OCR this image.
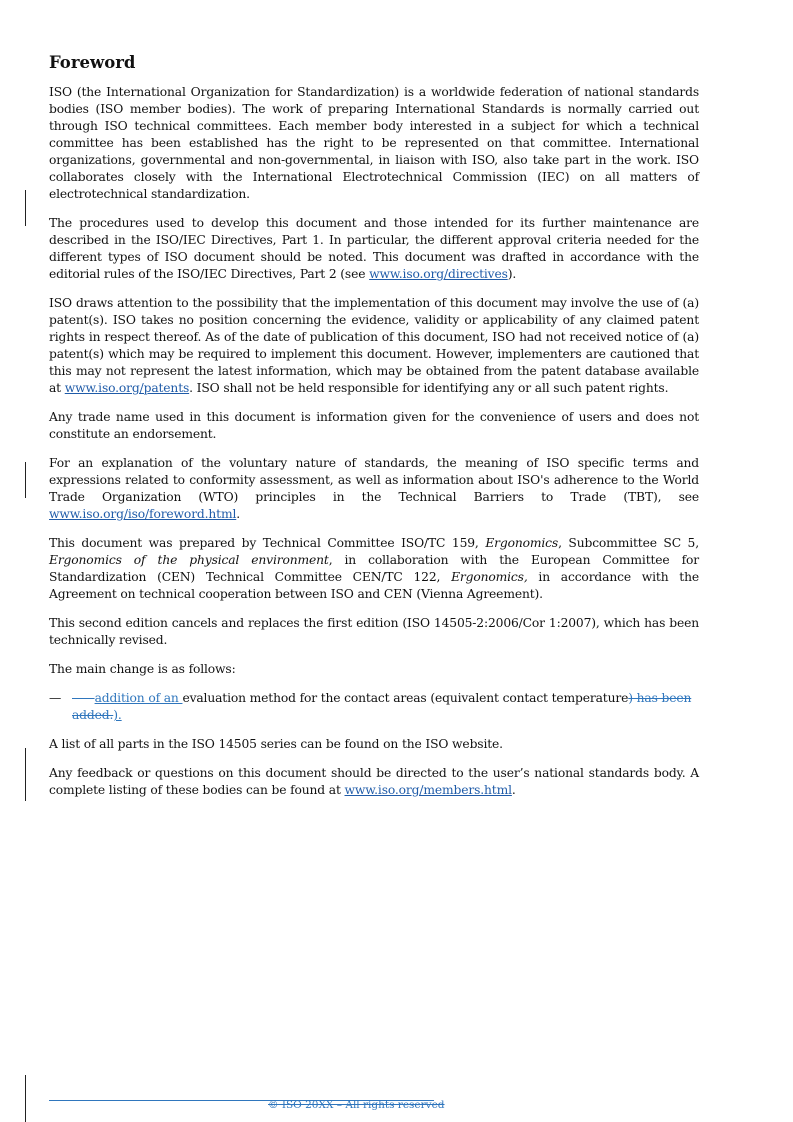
Foreword

ISO (the International Organization for Standardization) is a worldwide federation of national standards bodies (ISO member bodies). The work of preparing International Standards is normally carried out through ISO technical committees. Each member body interested in a subject for which a technical committee has been established has the right to be represented on that committee. International organizations, governmental and non-governmental, in liaison with ISO, also take part in the work. ISO collaborates closely with the International Electrotechnical Commission (IEC) on all matters of electrotechnical standardization.

The procedures used to develop this document and those intended for its further maintenance are described in the ISO/IEC Directives, Part 1. In particular, the different approval criteria needed for the different types of ISO document should be noted. This document was drafted in accordance with the editorial rules of the ISO/IEC Directives, Part 2 (see www.iso.org/directives).

ISO draws attention to the possibility that the implementation of this document may involve the use of (a) patent(s). ISO takes no position concerning the evidence, validity or applicability of any claimed patent rights in respect thereof. As of the date of publication of this document, ISO had not received notice of (a) patent(s) which may be required to implement this document. However, implementers are cautioned that this may not represent the latest information, which may be obtained from the patent database available at www.iso.org/patents. ISO shall not be held responsible for identifying any or all such patent rights.

Any trade name used in this document is information given for the convenience of users and does not constitute an endorsement.

For an explanation of the voluntary nature of standards, the meaning of ISO specific terms and expressions related to conformity assessment, as well as information about ISO's adherence to the World Trade Organization (WTO) principles in the Technical Barriers to Trade (TBT), see www.iso.org/iso/foreword.html.

This document was prepared by Technical Committee ISO/TC 159, Ergonomics, Subcommittee SC 5, Ergonomics of the physical environment, in collaboration with the European Committee for Standardization (CEN) Technical Committee CEN/TC 122, Ergonomics, in accordance with the Agreement on technical cooperation between ISO and CEN (Vienna Agreement).

This second edition cancels and replaces the first edition (ISO 14505-2:2006/Cor 1:2007), which has been technically revised.

The main change is as follows:

—	addition of an evaluation method for the contact areas (equivalent contact temperature) has been added.).

A list of all parts in the ISO 14505 series can be found on the ISO website.

Any feedback or questions on this document should be directed to the user’s national standards body. A complete listing of these bodies can be found at www.iso.org/members.html.

© ISO 20XX – All rights reserved
